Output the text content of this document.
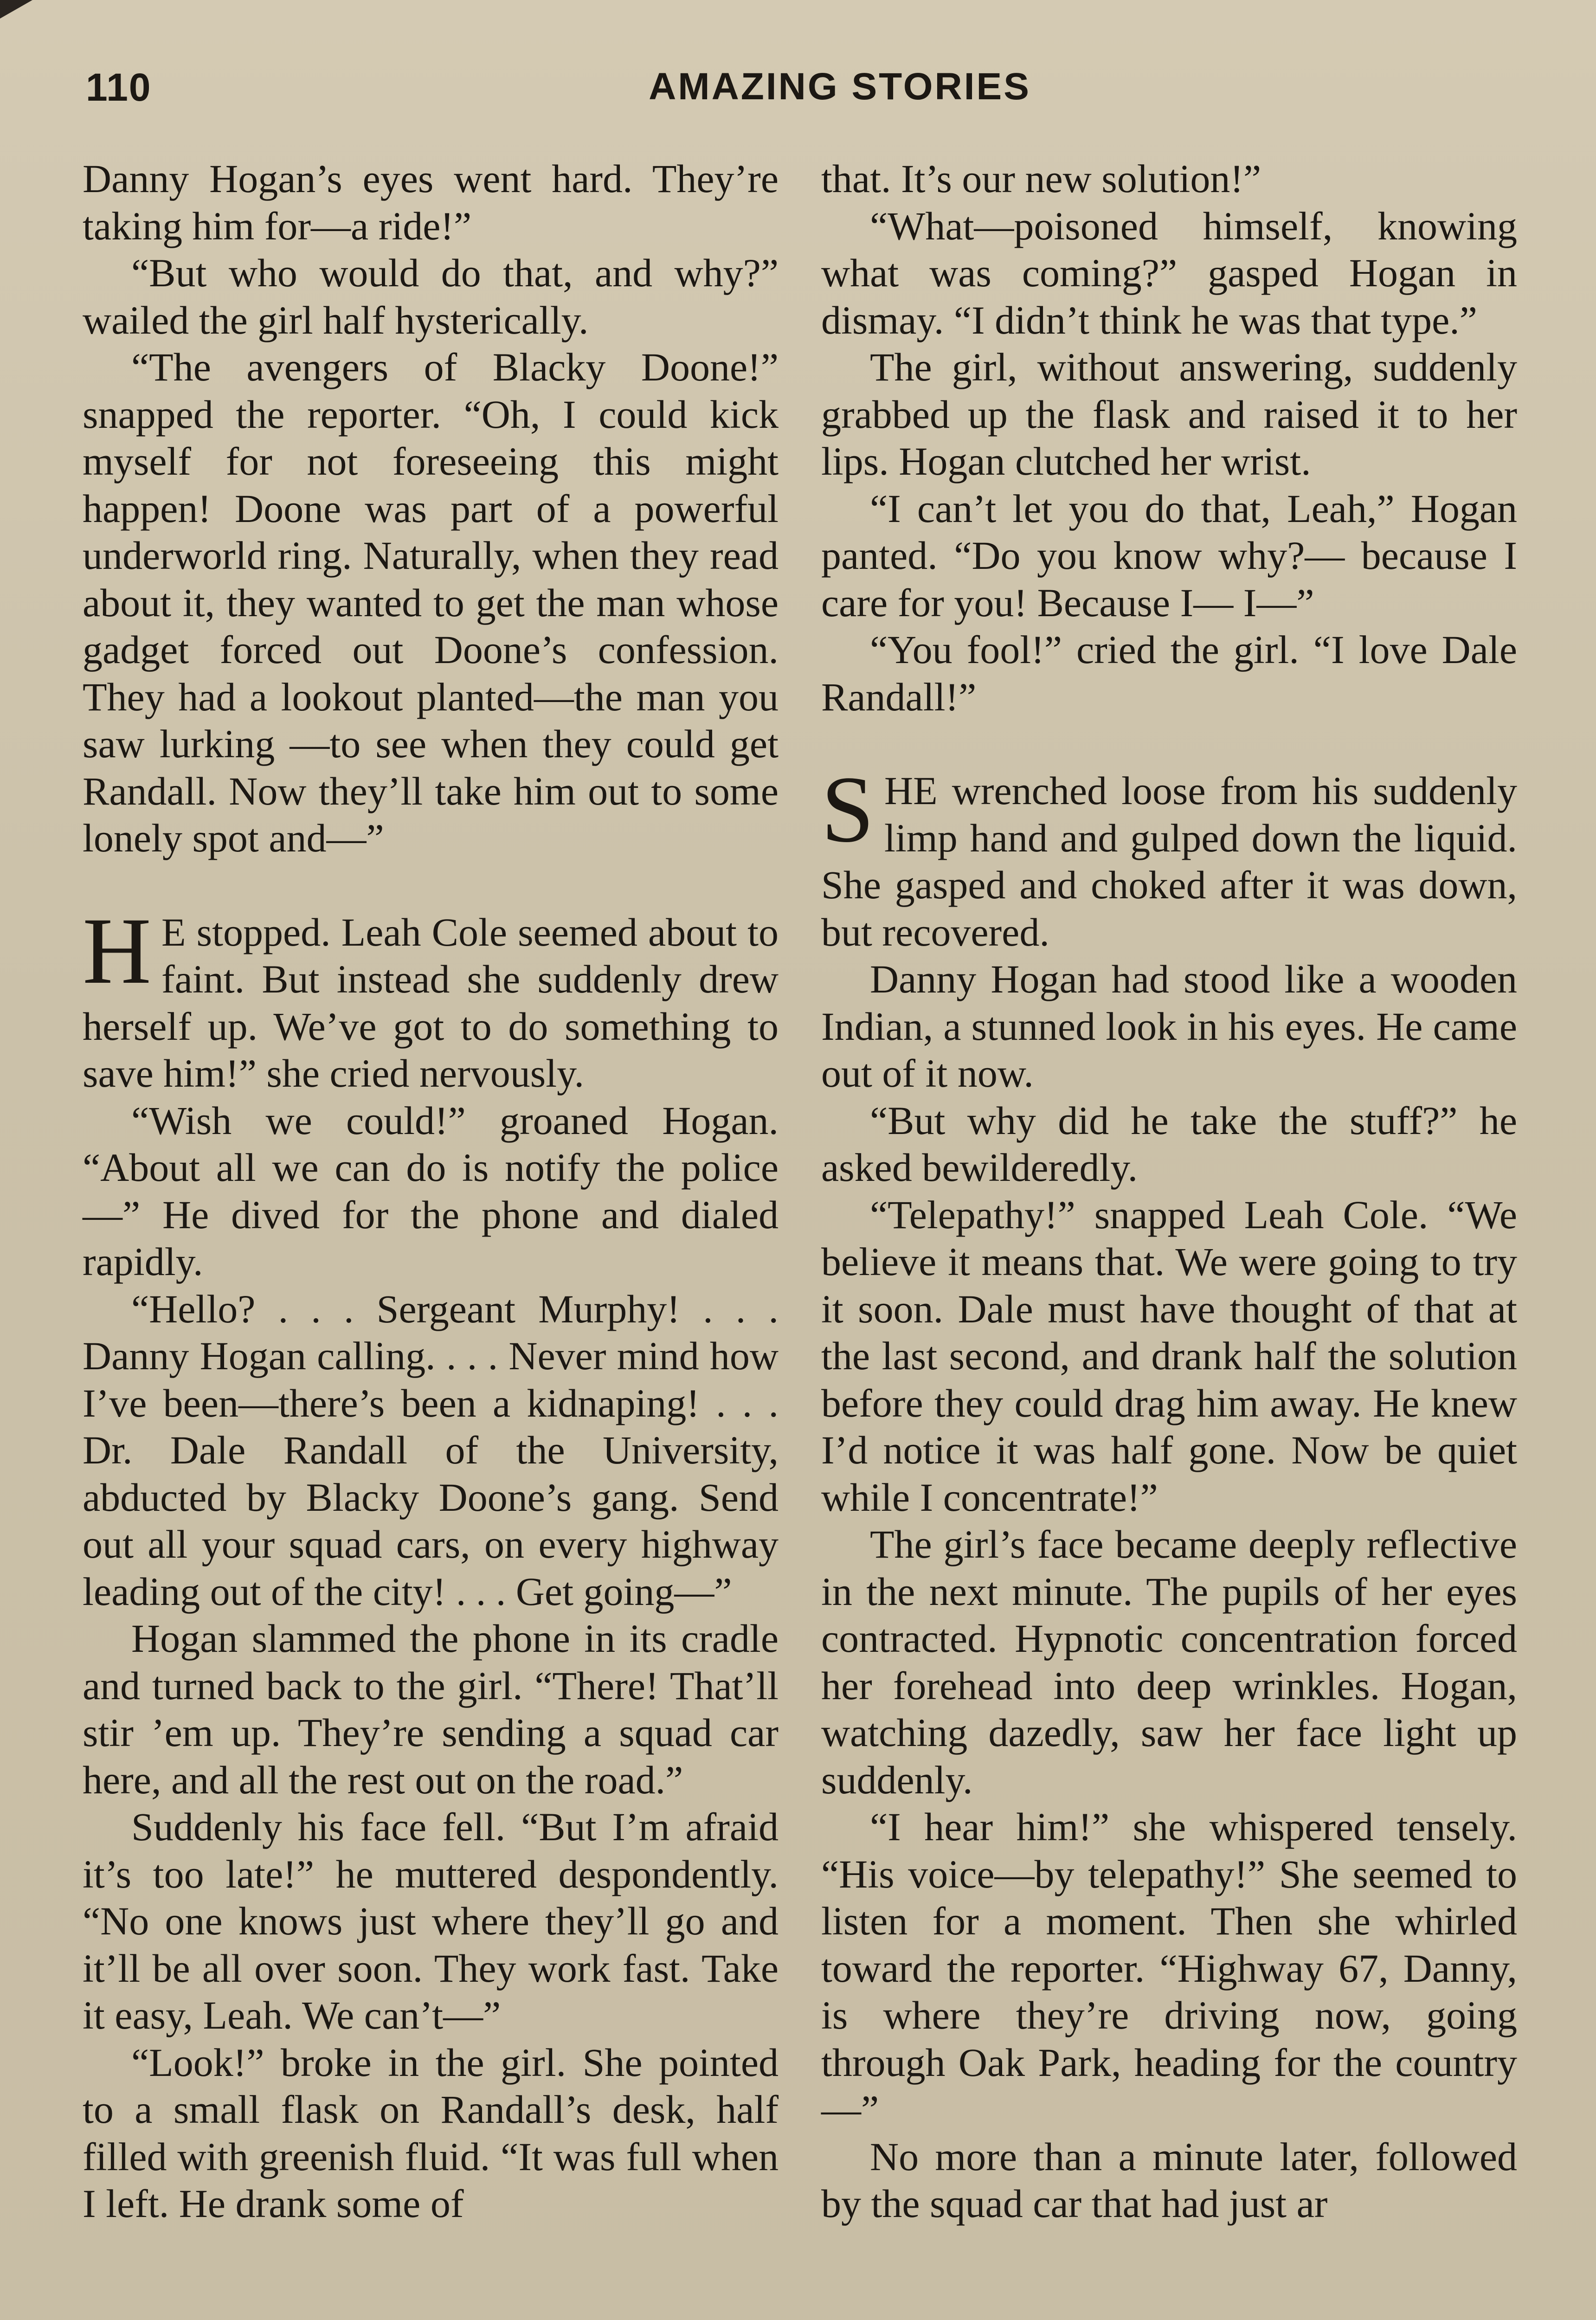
110	AMAZING STORIES

Danny Hogan’s eyes went hard. They’re taking him for—a ride!”

“But who would do that, and why?” wailed the girl half hysterically.

“The avengers of Blacky Doone!” snapped the reporter. “Oh, I could kick myself for not foreseeing this might happen! Doone was part of a powerful underworld ring. Naturally, when they read about it, they wanted to get the man whose gadget forced out Doone’s confession. They had a lookout planted—the man you saw lurking —to see when they could get Randall. Now they’ll take him out to some lonely spot and—”

H E stopped. Leah Cole seemed about to faint. But instead she suddenly drew herself up. We’ve got to do something to save him!” she cried nervously.

“Wish we could!” groaned Hogan. “About all we can do is notify the police—” He dived for the phone and dialed rapidly.

“Hello? . . . Sergeant Murphy! . . . Danny Hogan calling. . . . Never mind how I’ve been—there’s been a kidnaping! . . . Dr. Dale Randall of the University, abducted by Blacky Doone’s gang. Send out all your squad cars, on every highway leading out of the city! . . . Get going—”

Hogan slammed the phone in its cradle and turned back to the girl. “There! That’ll stir ’em up. They’re sending a squad car here, and all the rest out on the road.”

Suddenly his face fell. “But I’m afraid it’s too late!” he muttered despondently. “No one knows just where they’ll go and it’ll be all over soon. They work fast. Take it easy, Leah. We can’t—”

“Look!” broke in the girl. She pointed to a small flask on Randall’s desk, half filled with greenish fluid. “It was full when I left. He drank some of

that. It’s our new solution!”

“What—poisoned himself, knowing what was coming?” gasped Hogan in dismay. “I didn’t think he was that type.”

The girl, without answering, suddenly grabbed up the flask and raised it to her lips. Hogan clutched her wrist.

“I can’t let you do that, Leah,” Hogan panted. “Do you know why?— because I care for you! Because I— I—”

“You fool!” cried the girl. “I love Dale Randall!”

SHE wrenched loose from his suddenly limp hand and gulped down the liquid. She gasped and choked after it was down, but recovered.

Danny Hogan had stood like a wooden Indian, a stunned look in his eyes. He came out of it now.

“But why did he take the stuff?” he asked bewilderedly.

“Telepathy!” snapped Leah Cole. “We believe it means that. We were going to try it soon. Dale must have thought of that at the last second, and drank half the solution before they could drag him away. He knew I’d notice it was half gone. Now be quiet while I concentrate!”

The girl’s face became deeply reflective in the next minute. The pupils of her eyes contracted. Hypnotic concentration forced her forehead into deep wrinkles. Hogan, watching dazedly, saw her face light up suddenly.

“I hear him!” she whispered tensely. “His voice—by telepathy!” She seemed to listen for a moment. Then she whirled toward the reporter. “Highway 67, Danny, is where they’re driving now, going through Oak Park, heading for the country—”

No more than a minute later, followed by the squad car that had just ar
